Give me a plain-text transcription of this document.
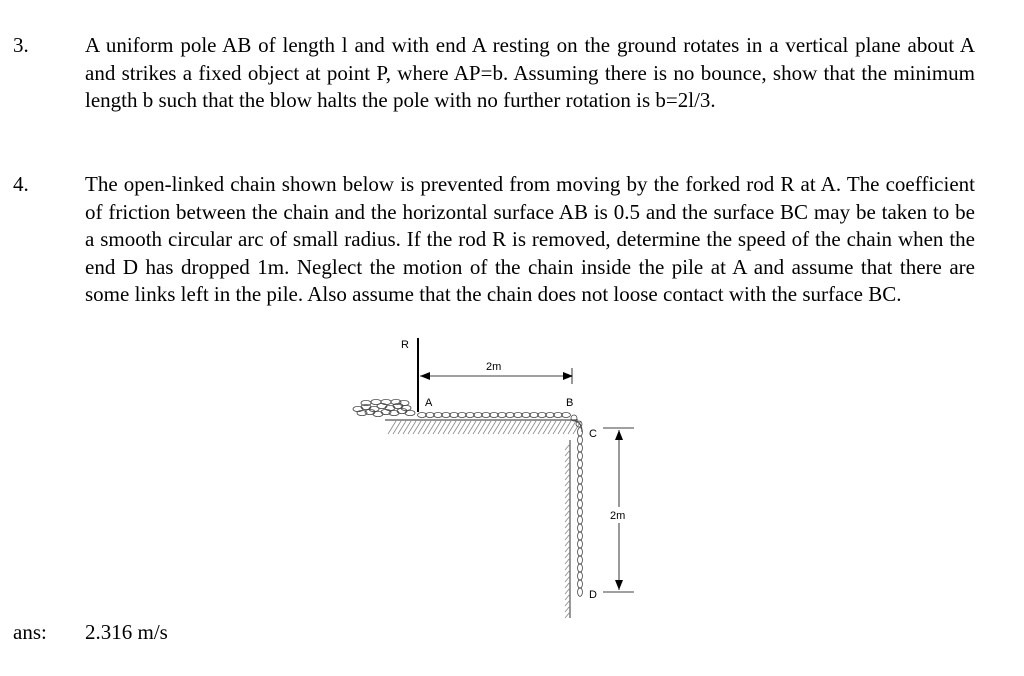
3.	A uniform pole AB of length l and with end A resting on the ground rotates in a vertical plane about A and strikes a fixed object at point P, where AP=b. Assuming there is no bounce, show that the minimum length b such that the blow halts the pole with no further rotation is b=2l/3.
4.	The open-linked chain shown below is prevented from moving by the forked rod R at A. The coefficient of friction between the chain and the horizontal surface AB is 0.5 and the surface BC may be taken to be a smooth circular arc of small radius. If the rod R is removed, determine the speed of the chain when the end D has dropped 1m. Neglect the motion of the chain inside the pile at A and assume that there are some links left in the pile. Also assume that the chain does not loose contact with the surface BC.
R
A	B
C
D
2m
2m
ans: 2.316 m/s
